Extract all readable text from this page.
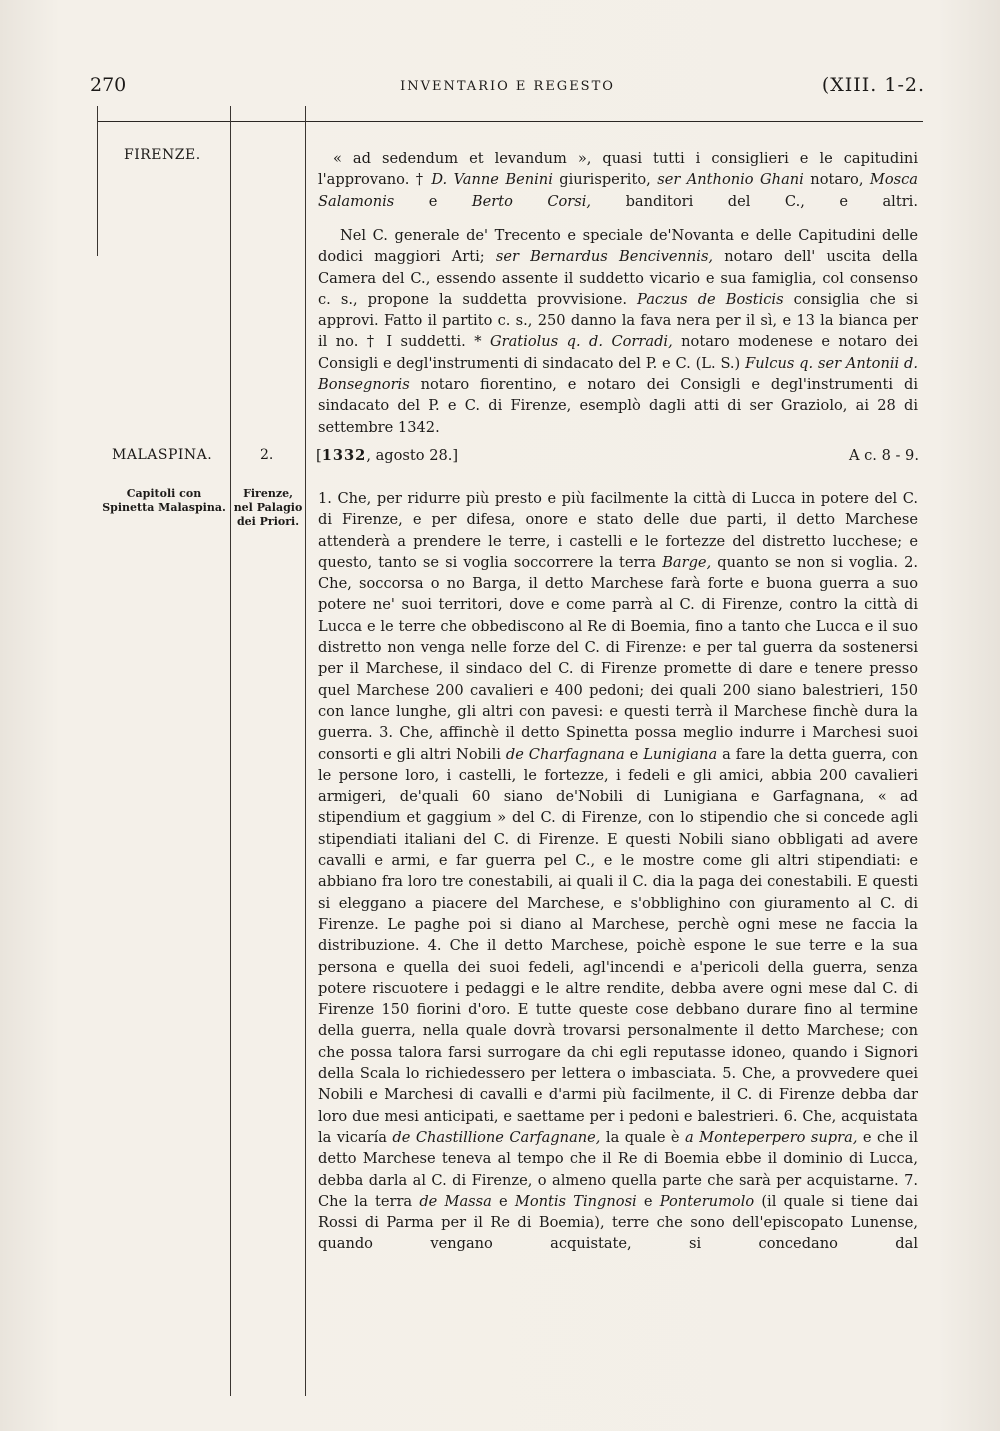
270	INVENTARIO E REGESTO	(XIII. 1-2.
FIRENZE.
MALASPINA.	2.
Capitoli con Spinetta Malaspina.
Firenze, nel Palagio dei Priori.

« ad sedendum et levandum », quasi tutti i consiglieri e le capitudini l'approvano. † D. Vanne Benini giurisperito, ser Anthonio Ghani notaro, Mosca Salamonis e Berto Corsi, banditori del C., e altri.

Nel C. generale de' Trecento e speciale de'Novanta e delle Capitudini delle dodici maggiori Arti; ser Bernardus Bencivennis, notaro dell' uscita della Camera del C., essendo assente il suddetto vicario e sua famiglia, col consenso c. s., propone la suddetta provvisione. Paczus de Bosticis consiglia che si approvi. Fatto il partito c. s., 250 danno la fava nera per il sì, e 13 la bianca per il no. † I suddetti. * Gratiolus q. d. Corradi, notaro modenese e notaro dei Consigli e degl'instrumenti di sindacato del P. e C. (L. S.) Fulcus q. ser Antonii d. Bonsegnoris notaro fiorentino, e notaro dei Consigli e degl'instrumenti di sindacato del P. e C. di Firenze, esemplò dagli atti di ser Graziolo, ai 28 di settembre 1342.

[1332, agosto 28.]	A c. 8 - 9.

1. Che, per ridurre più presto e più facilmente la città di Lucca in potere del C. di Firenze, e per difesa, onore e stato delle due parti, il detto Marchese attenderà a prendere le terre, i castelli e le fortezze del distretto lucchese; e questo, tanto se si voglia soccorrere la terra Barge, quanto se non si voglia. 2. Che, soccorsa o no Barga, il detto Marchese farà forte e buona guerra a suo potere ne' suoi territori, dove e come parrà al C. di Firenze, contro la città di Lucca e le terre che obbediscono al Re di Boemia, fino a tanto che Lucca e il suo distretto non venga nelle forze del C. di Firenze: e per tal guerra da sostenersi per il Marchese, il sindaco del C. di Firenze promette di dare e tenere presso quel Marchese 200 cavalieri e 400 pedoni; dei quali 200 siano balestrieri, 150 con lance lunghe, gli altri con pavesi: e questi terrà il Marchese finchè dura la guerra. 3. Che, affinchè il detto Spinetta possa meglio indurre i Marchesi suoi consorti e gli altri Nobili de Charfagnana e Lunigiana a fare la detta guerra, con le persone loro, i castelli, le fortezze, i fedeli e gli amici, abbia 200 cavalieri armigeri, de'quali 60 siano de'Nobili di Lunigiana e Garfagnana, « ad stipendium et gaggium » del C. di Firenze, con lo stipendio che si concede agli stipendiati italiani del C. di Firenze. E questi Nobili siano obbligati ad avere cavalli e armi, e far guerra pel C., e le mostre come gli altri stipendiati: e abbiano fra loro tre conestabili, ai quali il C. dia la paga dei conestabili. E questi si eleggano a piacere del Marchese, e s'obblighino con giuramento al C. di Firenze. Le paghe poi si diano al Marchese, perchè ogni mese ne faccia la distribuzione. 4. Che il detto Marchese, poichè espone le sue terre e la sua persona e quella dei suoi fedeli, agl'incendi e a'pericoli della guerra, senza potere riscuotere i pedaggi e le altre rendite, debba avere ogni mese dal C. di Firenze 150 fiorini d'oro. E tutte queste cose debbano durare fino al termine della guerra, nella quale dovrà trovarsi personalmente il detto Marchese; con che possa talora farsi surrogare da chi egli reputasse idoneo, quando i Signori della Scala lo richiedessero per lettera o imbasciata. 5. Che, a provvedere quei Nobili e Marchesi di cavalli e d'armi più facilmente, il C. di Firenze debba dar loro due mesi anticipati, e saettame per i pedoni e balestrieri. 6. Che, acquistata la vicaría de Chastillione Carfagnane, la quale è a Monteperpero supra, e che il detto Marchese teneva al tempo che il Re di Boemia ebbe il dominio di Lucca, debba darla al C. di Firenze, o almeno quella parte che sarà per acquistarne. 7. Che la terra de Massa e Montis Tingnosi e Ponterumolo (il quale si tiene dai Rossi di Parma per il Re di Boemia), terre che sono dell'episcopato Lunense, quando vengano acquistate, si concedano dal
